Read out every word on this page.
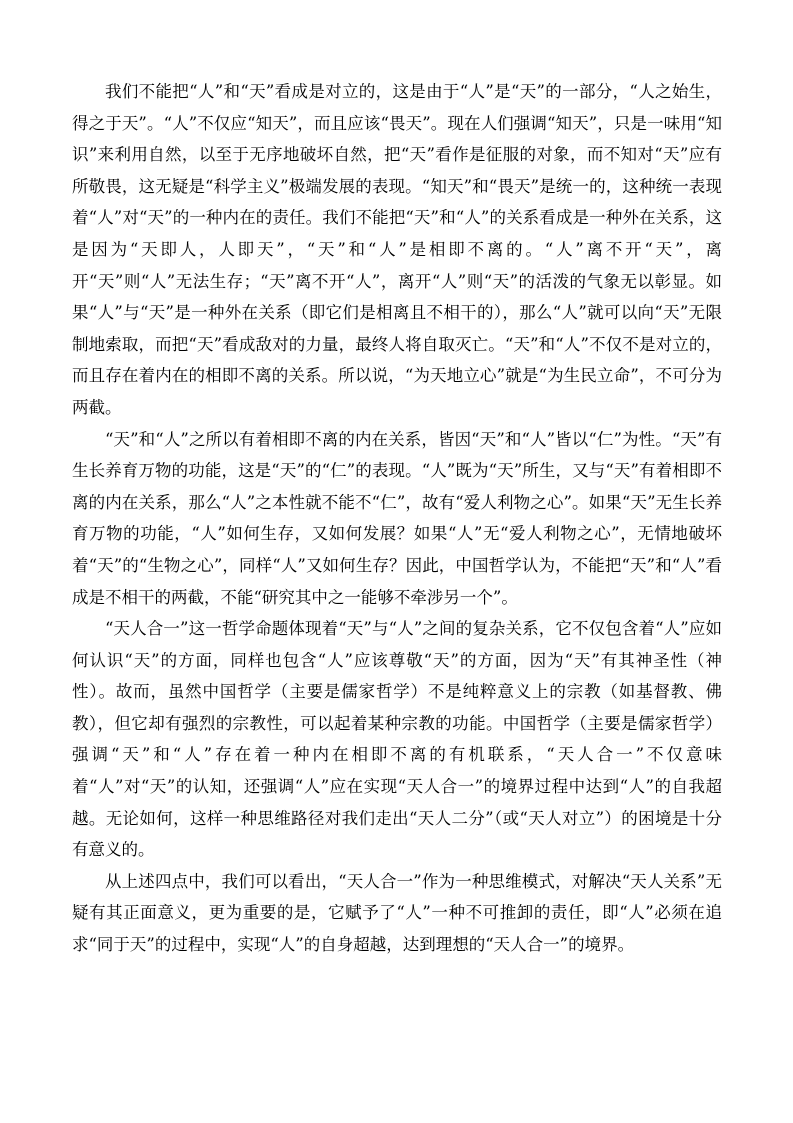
我们不能把“人”和“天”看成是对立的，这是由于“人”是“天”的一部分，“人之始生，得之于天”。“人”不仅应“知天”，而且应该“畏天”。现在人们强调“知天”，只是一味用“知识”来利用自然，以至于无序地破坏自然，把“天”看作是征服的对象，而不知对“天”应有所敬畏，这无疑是“科学主义”极端发展的表现。“知天”和“畏天”是统一的，这种统一表现着“人”对“天”的一种内在的责任。我们不能把“天”和“人”的关系看成是一种外在关系，这是因为“天即人，人即天”，“天”和“人”是相即不离的。“人”离不开“天”，离开“天”则“人”无法生存；“天”离不开“人”，离开“人”则“天”的活泼的气象无以彰显。如果“人”与“天”是一种外在关系（即它们是相离且不相干的），那么“人”就可以向“天”无限制地索取，而把“天”看成敌对的力量，最终人将自取灭亡。“天”和“人”不仅不是对立的，而且存在着内在的相即不离的关系。所以说，“为天地立心”就是“为生民立命”，不可分为两截。

“天”和“人”之所以有着相即不离的内在关系，皆因“天”和“人”皆以“仁”为性。“天”有生长养育万物的功能，这是“天”的“仁”的表现。“人”既为“天”所生，又与“天”有着相即不离的内在关系，那么“人”之本性就不能不“仁”，故有“爱人利物之心”。如果“天”无生长养育万物的功能，“人”如何生存，又如何发展？如果“人”无“爱人利物之心”，无情地破坏着“天”的“生物之心”，同样“人”又如何生存？因此，中国哲学认为，不能把“天”和“人”看成是不相干的两截，不能“研究其中之一能够不牵涉另一个”。

“天人合一”这一哲学命题体现着“天”与“人”之间的复杂关系，它不仅包含着“人”应如何认识“天”的方面，同样也包含“人”应该尊敬“天”的方面，因为“天”有其神圣性（神性）。故而，虽然中国哲学（主要是儒家哲学）不是纯粹意义上的宗教（如基督教、佛教），但它却有强烈的宗教性，可以起着某种宗教的功能。中国哲学（主要是儒家哲学）强调“天”和“人”存在着一种内在相即不离的有机联系，“天人合一”不仅意味着“人”对“天”的认知，还强调“人”应在实现“天人合一”的境界过程中达到“人”的自我超越。无论如何，这样一种思维路径对我们走出“天人二分”（或“天人对立”）的困境是十分有意义的。

从上述四点中，我们可以看出，“天人合一”作为一种思维模式，对解决“天人关系”无疑有其正面意义，更为重要的是，它赋予了“人”一种不可推卸的责任，即“人”必须在追求“同于天”的过程中，实现“人”的自身超越，达到理想的“天人合一”的境界。
